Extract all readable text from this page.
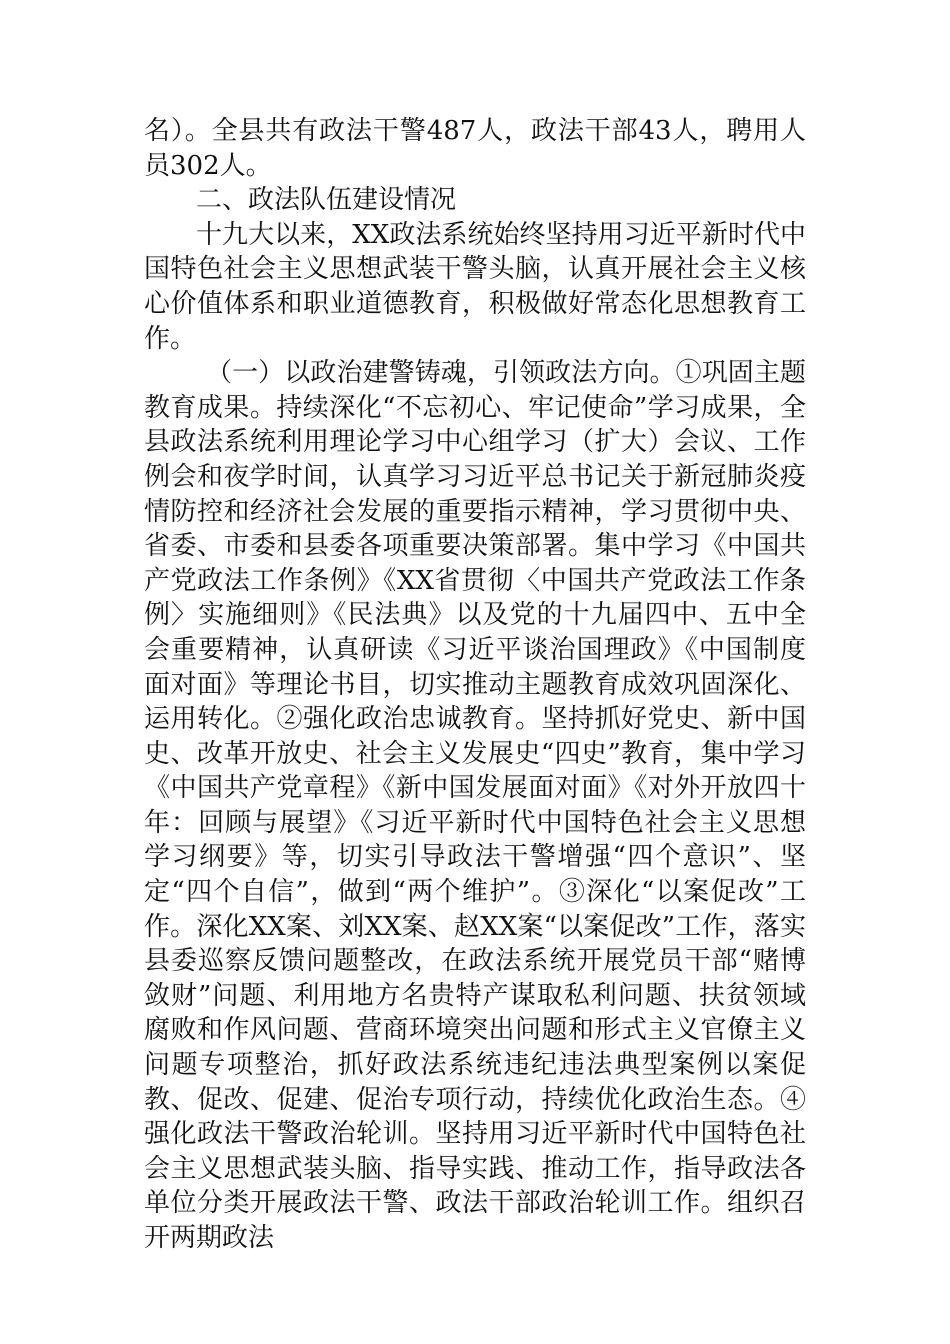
名）。全县共有政法干警487人，政法干部43人，聘用人员302人。

二、政法队伍建设情况

十九大以来，XX政法系统始终坚持用习近平新时代中国特色社会主义思想武装干警头脑，认真开展社会主义核心价值体系和职业道德教育，积极做好常态化思想教育工作。

（一）以政治建警铸魂，引领政法方向。①巩固主题教育成果。持续深化“不忘初心、牢记使命”学习成果，全县政法系统利用理论学习中心组学习（扩大）会议、工作例会和夜学时间，认真学习习近平总书记关于新冠肺炎疫情防控和经济社会发展的重要指示精神，学习贯彻中央、省委、市委和县委各项重要决策部署。集中学习《中国共产党政法工作条例》《XX省贯彻〈中国共产党政法工作条例〉实施细则》《民法典》以及党的十九届四中、五中全会重要精神，认真研读《习近平谈治国理政》《中国制度面对面》等理论书目，切实推动主题教育成效巩固深化、运用转化。②强化政治忠诚教育。坚持抓好党史、新中国史、改革开放史、社会主义发展史“四史”教育，集中学习《中国共产党章程》《新中国发展面对面》《对外开放四十年：回顾与展望》《习近平新时代中国特色社会主义思想学习纲要》等，切实引导政法干警增强“四个意识”、坚定“四个自信”，做到“两个维护”。③深化“以案促改”工作。深化XX案、刘XX案、赵XX案“以案促改”工作，落实县委巡察反馈问题整改，在政法系统开展党员干部“赌博敛财”问题、利用地方名贵特产谋取私利问题、扶贫领域腐败和作风问题、营商环境突出问题和形式主义官僚主义问题专项整治，抓好政法系统违纪违法典型案例以案促教、促改、促建、促治专项行动，持续优化政治生态。④强化政法干警政治轮训。坚持用习近平新时代中国特色社会主义思想武装头脑、指导实践、推动工作，指导政法各单位分类开展政法干警、政法干部政治轮训工作。组织召开两期政法
